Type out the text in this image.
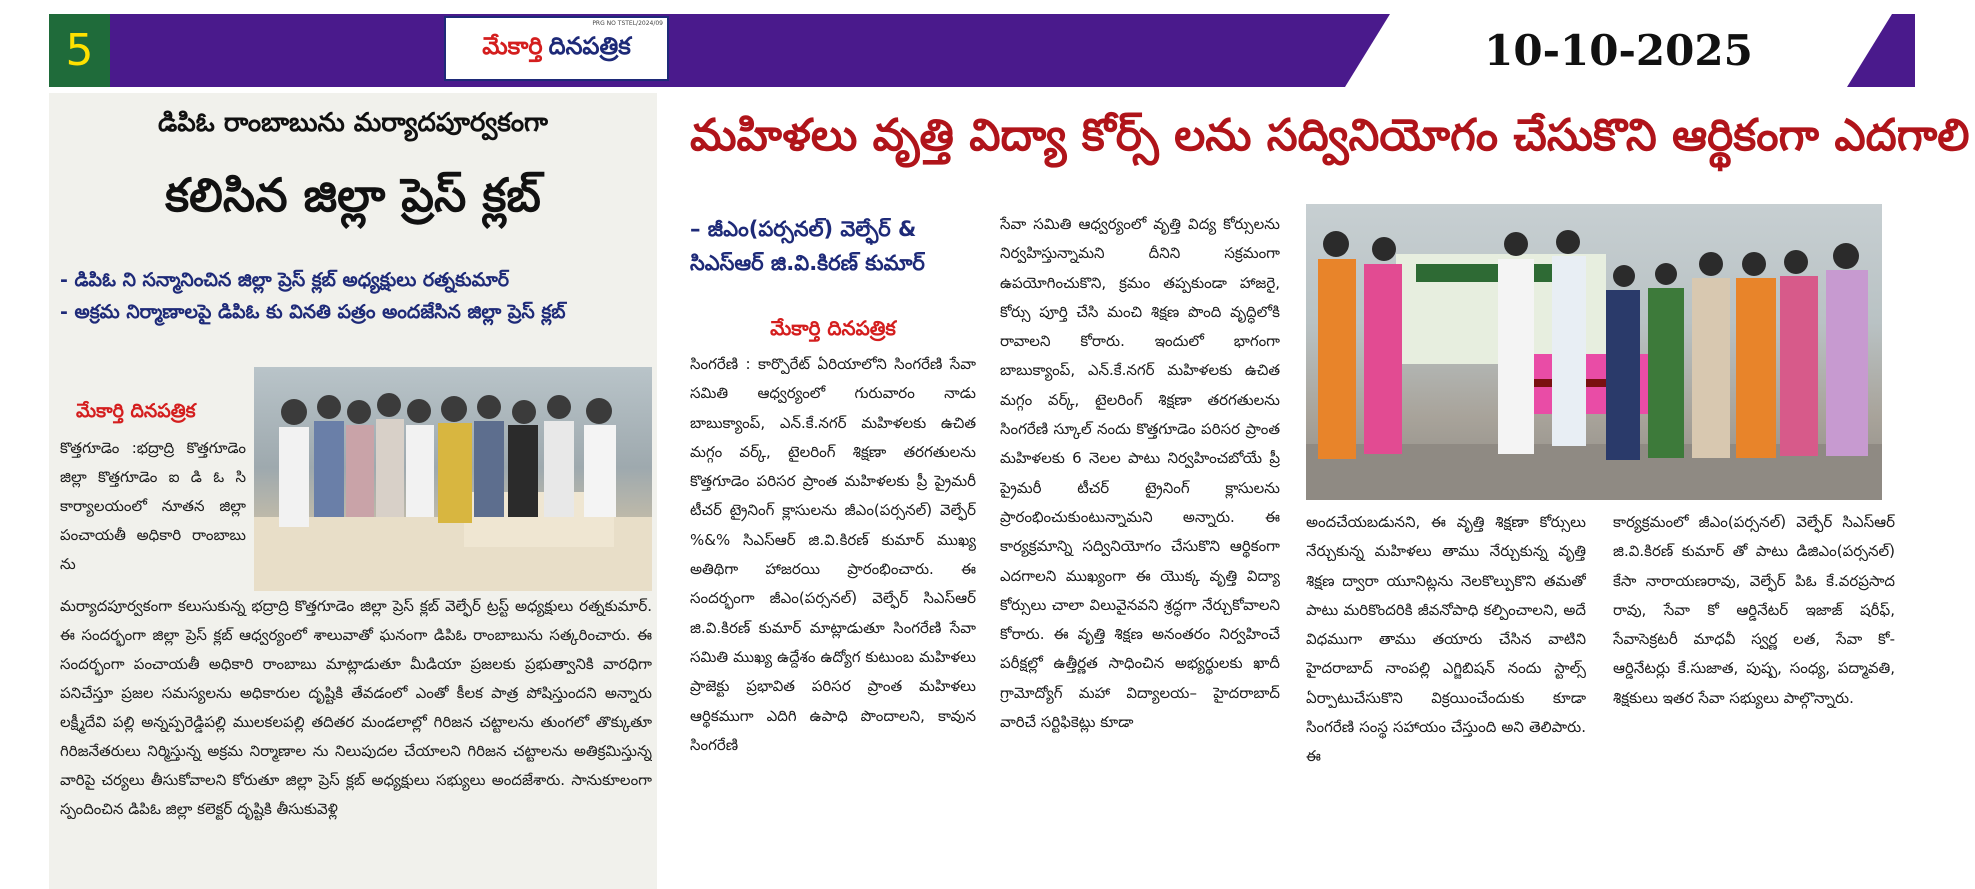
5	మేకార్తి దినపత్రిక
PRG NO TSTEL/2024/09
10-10-2025
డిపిఓ రాంబాబును మర్యాదపూర్వకంగా
కలిసిన జిల్లా ప్రెస్ క్లబ్
- డిపిఓ ని సన్మానించిన జిల్లా ప్రెస్ క్లబ్ అధ్యక్షులు రత్నకుమార్
- అక్రమ నిర్మాణాలపై డిపిఓ కు వినతి పత్రం అందజేసిన జిల్లా ప్రెస్ క్లబ్
మేకార్తి దినపత్రిక
కొత్తగూడెం :భద్రాద్రి కొత్తగూడెం జిల్లా కొత్తగూడెం ఐ డి ఓ సి కార్యాలయంలో నూతన జిల్లా పంచాయతీ అధికారి రాంబాబు ను
మర్యాదపూర్వకంగా కలుసుకున్న భద్రాద్రి కొత్తగూడెం జిల్లా ప్రెస్ క్లబ్ వెల్ఫేర్ ట్రస్ట్ అధ్యక్షులు రత్నకుమార్. ఈ సందర్భంగా జిల్లా ప్రెస్ క్లబ్ ఆధ్వర్యంలో శాలువాతో ఘనంగా డిపిఓ రాంబాబును సత్కరించారు. ఈ సందర్భంగా పంచాయతీ అధికారి రాంబాబు మాట్లాడుతూ మీడియా ప్రజలకు ప్రభుత్వానికి వారధిగా పనిచేస్తూ ప్రజల సమస్యలను అధికారుల దృష్టికి తేవడంలో ఎంతో కీలక పాత్ర పోషిస్తుందని అన్నారు లక్ష్మీదేవి పల్లి అన్నప్పరెడ్డిపల్లి ములకలపల్లి తదితర మండలాల్లో గిరిజన చట్టాలను తుంగలో తొక్కుతూ గిరిజనేతరులు నిర్మిస్తున్న అక్రమ నిర్మాణాల ను నిలుపుదల చేయాలని గిరిజన చట్టాలను అతిక్రమిస్తున్న వారిపై చర్యలు తీసుకోవాలని కోరుతూ జిల్లా ప్రెస్ క్లబ్ అధ్యక్షులు సభ్యులు అందజేశారు. సానుకూలంగా స్పందించిన డిపిఓ జిల్లా కలెక్టర్ దృష్టికి తీసుకువెళ్లి
మహిళలు వృత్తి విద్యా కోర్స్ లను సద్వినియోగం చేసుకొని ఆర్థికంగా ఎదగాలి
– జీఎం(పర్సనల్) వెల్ఫేర్ & సిఎస్ఆర్ జి.వి.కిరణ్ కుమార్
మేకార్తి దినపత్రిక
సింగరేణి : కార్పొరేట్ ఏరియాలోని సింగరేణి సేవా సమితి ఆధ్వర్యంలో గురువారం నాడు బాబుక్యాంప్, ఎన్.కే.నగర్ మహిళలకు ఉచిత మగ్గం వర్క్, టైలరింగ్ శిక్షణా తరగతులను కొత్తగూడెం పరిసర ప్రాంత మహిళలకు ప్రీ ప్రైమరీ టీచర్ ట్రైనింగ్ క్లాసులను జీఎం(పర్సనల్) వెల్ఫేర్ %&% సిఎస్ఆర్ జి.వి.కిరణ్ కుమార్ ముఖ్య అతిథిగా హాజరయి ప్రారంభించారు. ఈ సందర్భంగా జీఎం(పర్సనల్) వెల్ఫేర్ సిఎస్ఆర్ జి.వి.కిరణ్ కుమార్ మాట్లాడుతూ సింగరేణి సేవా సమితి ముఖ్య ఉద్దేశం ఉద్యోగ కుటుంబ మహిళలు ప్రాజెక్టు ప్రభావిత పరిసర ప్రాంత మహిళలు ఆర్థికముగా ఎదిగి ఉపాధి పొందాలని, కావున సింగరేణి
సేవా సమితి ఆధ్వర్యంలో వృత్తి విద్య కోర్సులను నిర్వహిస్తున్నామని దీనిని సక్రమంగా ఉపయోగించుకొని, క్రమం తప్పకుండా హాజరై, కోర్సు పూర్తి చేసి మంచి శిక్షణ పొంది వృద్ధిలోకి రావాలని కోరారు. ఇందులో భాగంగా బాబుక్యాంప్, ఎన్.కే.నగర్ మహిళలకు ఉచిత మగ్గం వర్క్, టైలరింగ్ శిక్షణా తరగతులను సింగరేణి స్కూల్ నందు కొత్తగూడెం పరిసర ప్రాంత మహిళలకు 6 నెలల పాటు నిర్వహించబోయే ప్రీ ప్రైమరీ టీచర్ ట్రైనింగ్ క్లాసులను ప్రారంభించుకుంటున్నామని అన్నారు. ఈ కార్యక్రమాన్ని సద్వినియోగం చేసుకొని ఆర్థికంగా ఎదగాలని ముఖ్యంగా ఈ యొక్క వృత్తి విద్యా కోర్సులు చాలా విలువైనవని శ్రద్ధగా నేర్చుకోవాలని కోరారు. ఈ వృత్తి శిక్షణ అనంతరం నిర్వహించే పరీక్షల్లో ఉత్తీర్ణత సాధించిన అభ్యర్థులకు ఖాదీ గ్రామోద్యోగ్ మహా విద్యాలయ– హైదరాబాద్ వారిచే సర్టిఫికెట్లు కూడా
అందచేయబడునని, ఈ వృత్తి శిక్షణా కోర్సులు నేర్చుకున్న మహిళలు తాము నేర్చుకున్న వృత్తి శిక్షణ ద్వారా యూనిట్లను నెలకొల్పుకొని తమతో పాటు మరికొందరికి జీవనోపాధి కల్పించాలని, అదే విధముగా తాము తయారు చేసిన వాటిని హైదరాబాద్ నాంపల్లి ఎగ్జిబిషన్ నందు స్టాల్స్ ఏర్పాటుచేసుకొని విక్రయించేందుకు కూడా సింగరేణి సంస్థ సహాయం చేస్తుంది అని తెలిపారు. ఈ
కార్యక్రమంలో జీఎం(పర్సనల్) వెల్ఫేర్ సిఎస్ఆర్ జి.వి.కిరణ్ కుమార్ తో పాటు డిజిఎం(పర్సనల్) కేసా నారాయణరావు, వెల్ఫేర్ పిఓ కే.వరప్రసాద రావు, సేవా కో ఆర్డినేటర్ ఇజాజ్ షరీఫ్, సేవాసెక్రటరీ మాధవీ స్వర్ణ లత, సేవా కో-ఆర్డినేటర్లు కే.సుజాత, పుష్ప, సంధ్య, పద్మావతి, శిక్షకులు ఇతర సేవా సభ్యులు పాల్గొన్నారు.
